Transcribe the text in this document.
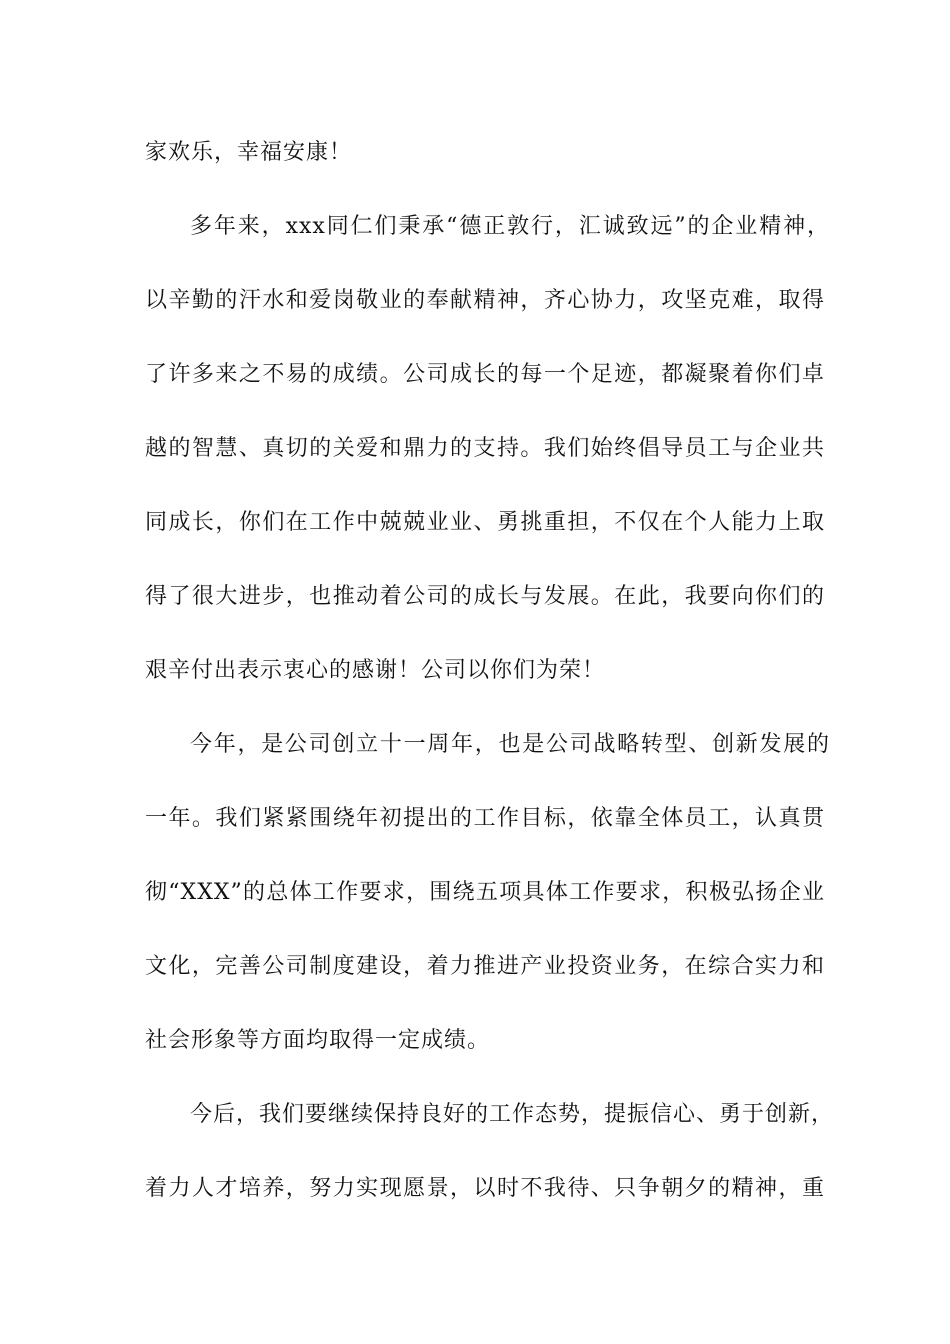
家欢乐，幸福安康！
多年来，xxx同仁们秉承“德正敦行，汇诚致远”的企业精神，
以辛勤的汗水和爱岗敬业的奉献精神，齐心协力，攻坚克难，取得
了许多来之不易的成绩。公司成长的每一个足迹，都凝聚着你们卓
越的智慧、真切的关爱和鼎力的支持。我们始终倡导员工与企业共
同成长，你们在工作中兢兢业业、勇挑重担，不仅在个人能力上取
得了很大进步，也推动着公司的成长与发展。在此，我要向你们的
艰辛付出表示衷心的感谢！公司以你们为荣！
今年，是公司创立十一周年，也是公司战略转型、创新发展的
一年。我们紧紧围绕年初提出的工作目标，依靠全体员工，认真贯
彻“XXX”的总体工作要求，围绕五项具体工作要求，积极弘扬企业
文化，完善公司制度建设，着力推进产业投资业务，在综合实力和
社会形象等方面均取得一定成绩。
今后，我们要继续保持良好的工作态势，提振信心、勇于创新，
着力人才培养，努力实现愿景，以时不我待、只争朝夕的精神，重
